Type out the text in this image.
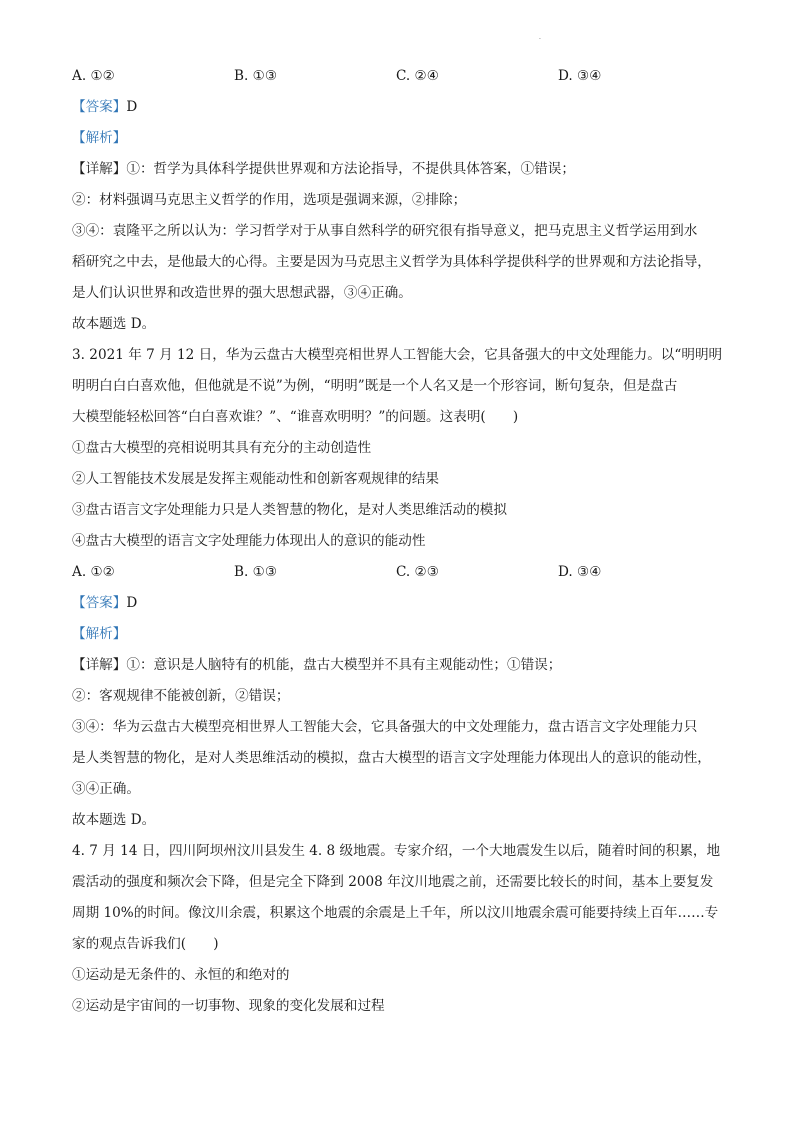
.
A. ①②	B. ①③	C. ②④	D. ③④
【答案】D
【解析】
【详解】①：哲学为具体科学提供世界观和方法论指导，不提供具体答案，①错误；
②：材料强调马克思主义哲学的作用，选项是强调来源，②排除；
③④：袁隆平之所以认为：学习哲学对于从事自然科学的研究很有指导意义，把马克思主义哲学运用到水
稻研究之中去，是他最大的心得。主要是因为马克思主义哲学为具体科学提供科学的世界观和方法论指导，
是人们认识世界和改造世界的强大思想武器，③④正确。
故本题选 D。
3. 2021 年 7 月 12 日，华为云盘古大模型亮相世界人工智能大会，它具备强大的中文处理能力。以“明明明
明明白白白喜欢他，但他就是不说”为例，“明明”既是一个人名又是一个形容词，断句复杂，但是盘古
大模型能轻松回答“白白喜欢谁？”、“谁喜欢明明？”的问题。这表明(　　)
①盘古大模型的亮相说明其具有充分的主动创造性
②人工智能技术发展是发挥主观能动性和创新客观规律的结果
③盘古语言文字处理能力只是人类智慧的物化，是对人类思维活动的模拟
④盘古大模型的语言文字处理能力体现出人的意识的能动性
A. ①②	B. ①③	C. ②③	D. ③④
【答案】D
【解析】
【详解】①：意识是人脑特有的机能，盘古大模型并不具有主观能动性；①错误；
②：客观规律不能被创新，②错误；
③④：华为云盘古大模型亮相世界人工智能大会，它具备强大的中文处理能力，盘古语言文字处理能力只
是人类智慧的物化，是对人类思维活动的模拟，盘古大模型的语言文字处理能力体现出人的意识的能动性，
③④正确。
故本题选 D。
4. 7 月 14 日，四川阿坝州汶川县发生 4. 8 级地震。专家介绍，一个大地震发生以后，随着时间的积累，地
震活动的强度和频次会下降，但是完全下降到 2008 年汶川地震之前，还需要比较长的时间，基本上要复发
周期 10%的时间。像汶川余震，积累这个地震的余震是上千年，所以汶川地震余震可能要持续上百年……专
家的观点告诉我们(　　)
①运动是无条件的、永恒的和绝对的
②运动是宇宙间的一切事物、现象的变化发展和过程
